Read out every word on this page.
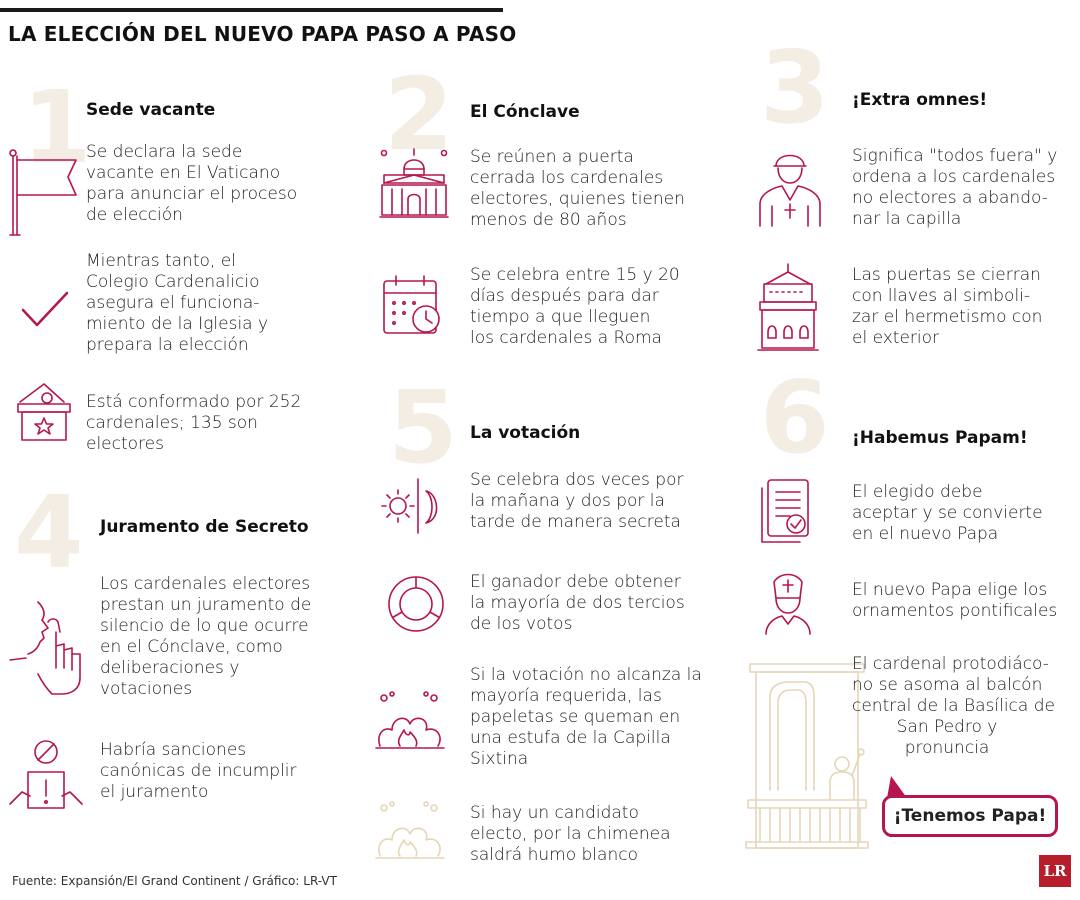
LA ELECCIÓN DEL NUEVO PAPA PASO A PASO
1
Sede vacante
Se declara la sede
vacante en El Vaticano
para anunciar el proceso
de elección
Mientras tanto, el
Colegio Cardenalicio
asegura el funciona-
miento de la Iglesia y
prepara la elección
Está conformado por 252
cardenales; 135 son
electores
4 Juramento de Secreto
Los cardenales electores
prestan un juramento de
silencio de lo que ocurre
en el Cónclave, como
deliberaciones y
votaciones
Habría sanciones
canónicas de incumplir
el juramento
2 El Cónclave
Se reúnen a puerta
cerrada los cardenales
electores, quienes tienen
menos de 80 años
Se celebra entre 15 y 20
días después para dar
tiempo a que lleguen
los cardenales a Roma
5 La votación
Se celebra dos veces por
la mañana y dos por la
tarde de manera secreta
El ganador debe obtener
la mayoría de dos tercios
de los votos
Si la votación no alcanza la
mayoría requerida, las
papeletas se queman en
una estufa de la Capilla
Sixtina
Si hay un candidato
electo, por la chimenea
saldrá humo blanco
3 ¡Extra omnes!
Significa "todos fuera" y
ordena a los cardenales
no electores a abando-
nar la capilla
Las puertas se cierran
con llaves al simboli-
zar el hermetismo con
el exterior
6 ¡Habemus Papam!
El elegido debe
aceptar y se convierte
en el nuevo Papa
El nuevo Papa elige los
ornamentos pontificales
El cardenal protodiáco-
no se asoma al balcón
central de la Basílica de
San Pedro y
pronuncia
¡Tenemos Papa!
Fuente: Expansión/El Grand Continent / Gráfico: LR-VT
LR
